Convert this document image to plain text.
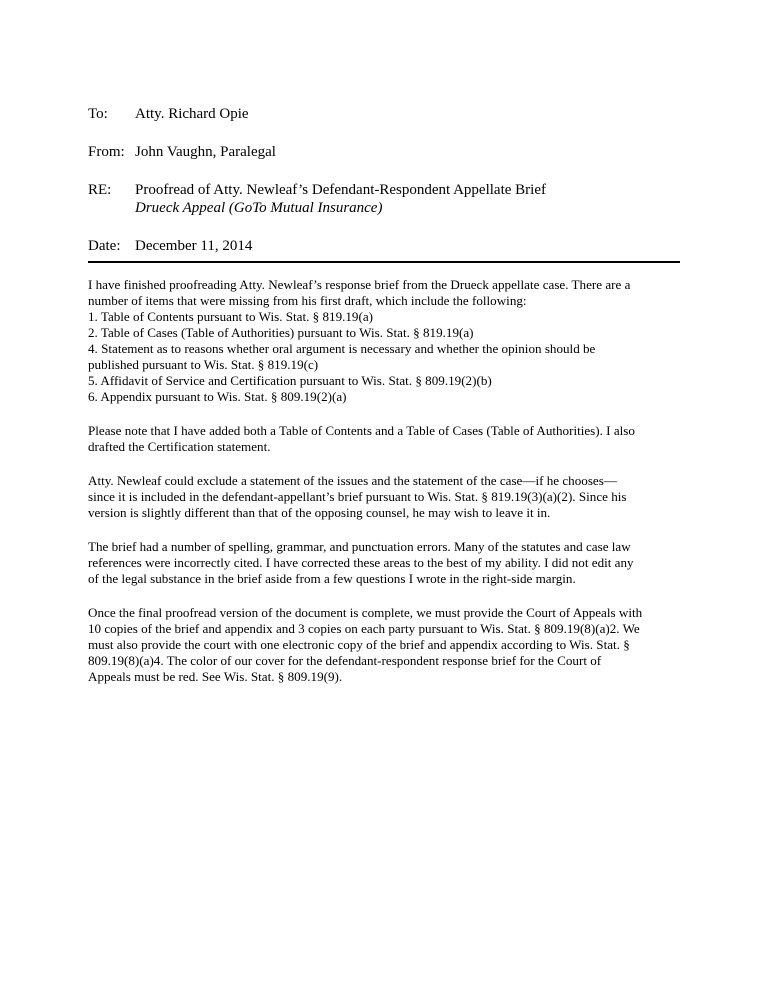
To: Atty. Richard Opie
From: John Vaughn, Paralegal
RE: Proofread of Atty. Newleaf’s Defendant-Respondent Appellate Brief
Drueck Appeal (GoTo Mutual Insurance)
Date: December 11, 2014
I have finished proofreading Atty. Newleaf’s response brief from the Drueck appellate case. There are a
number of items that were missing from his first draft, which include the following:
1. Table of Contents pursuant to Wis. Stat. § 819.19(a)
2. Table of Cases (Table of Authorities) pursuant to Wis. Stat. § 819.19(a)
4. Statement as to reasons whether oral argument is necessary and whether the opinion should be
published pursuant to Wis. Stat. § 819.19(c)
5. Affidavit of Service and Certification pursuant to Wis. Stat. § 809.19(2)(b)
6. Appendix pursuant to Wis. Stat. § 809.19(2)(a)
Please note that I have added both a Table of Contents and a Table of Cases (Table of Authorities). I also
drafted the Certification statement.
Atty. Newleaf could exclude a statement of the issues and the statement of the case—if he chooses—
since it is included in the defendant-appellant’s brief pursuant to Wis. Stat. § 819.19(3)(a)(2). Since his
version is slightly different than that of the opposing counsel, he may wish to leave it in.
The brief had a number of spelling, grammar, and punctuation errors. Many of the statutes and case law
references were incorrectly cited. I have corrected these areas to the best of my ability. I did not edit any
of the legal substance in the brief aside from a few questions I wrote in the right-side margin.
Once the final proofread version of the document is complete, we must provide the Court of Appeals with
10 copies of the brief and appendix and 3 copies on each party pursuant to Wis. Stat. § 809.19(8)(a)2. We
must also provide the court with one electronic copy of the brief and appendix according to Wis. Stat. §
809.19(8)(a)4. The color of our cover for the defendant-respondent response brief for the Court of
Appeals must be red. See Wis. Stat. § 809.19(9).
